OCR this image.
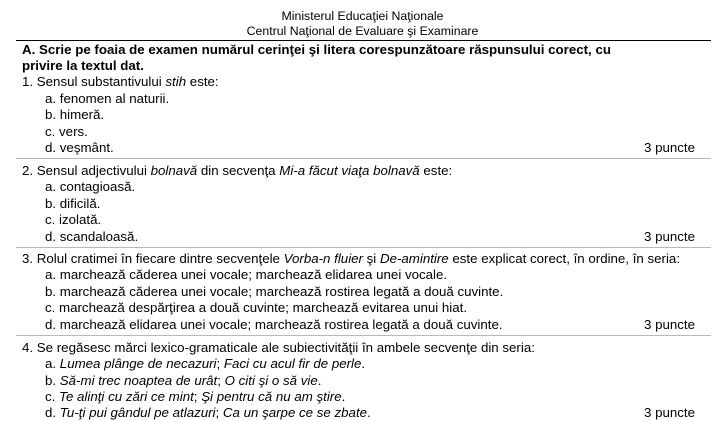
Ministerul Educaţiei Naţionale
Centrul Naţional de Evaluare şi Examinare
A. Scrie pe foaia de examen numărul cerinţei şi litera corespunzătoare răspunsului corect, cu
privire la textul dat.
1. Sensul substantivului stih este:
a. fenomen al naturii.
b. himeră.
c. vers.
d. veşmânt.	3 puncte
2. Sensul adjectivului bolnavă din secvenţa Mi-a făcut viaţa bolnavă este:
a. contagioasă.
b. dificilă.
c. izolată.
d. scandaloasă.	3 puncte
3. Rolul cratimei în fiecare dintre secvenţele Vorba-n fluier şi De-amintire este explicat corect, în ordine, în seria:
a. marchează căderea unei vocale; marchează elidarea unei vocale.
b. marchează căderea unei vocale; marchează rostirea legată a două cuvinte.
c. marchează despărţirea a două cuvinte; marchează evitarea unui hiat.
d. marchează elidarea unei vocale; marchează rostirea legată a două cuvinte.	3 puncte
4. Se regăsesc mărci lexico-gramaticale ale subiectivităţii în ambele secvenţe din seria:
a. Lumea plânge de necazuri; Faci cu acul fir de perle.
b. Să-mi trec noaptea de urât; O citi şi o să vie.
c. Te alinţi cu zări ce mint; Şi pentru că nu am ştire.
d. Tu-ţi pui gândul pe atlazuri; Ca un şarpe ce se zbate.	3 puncte
